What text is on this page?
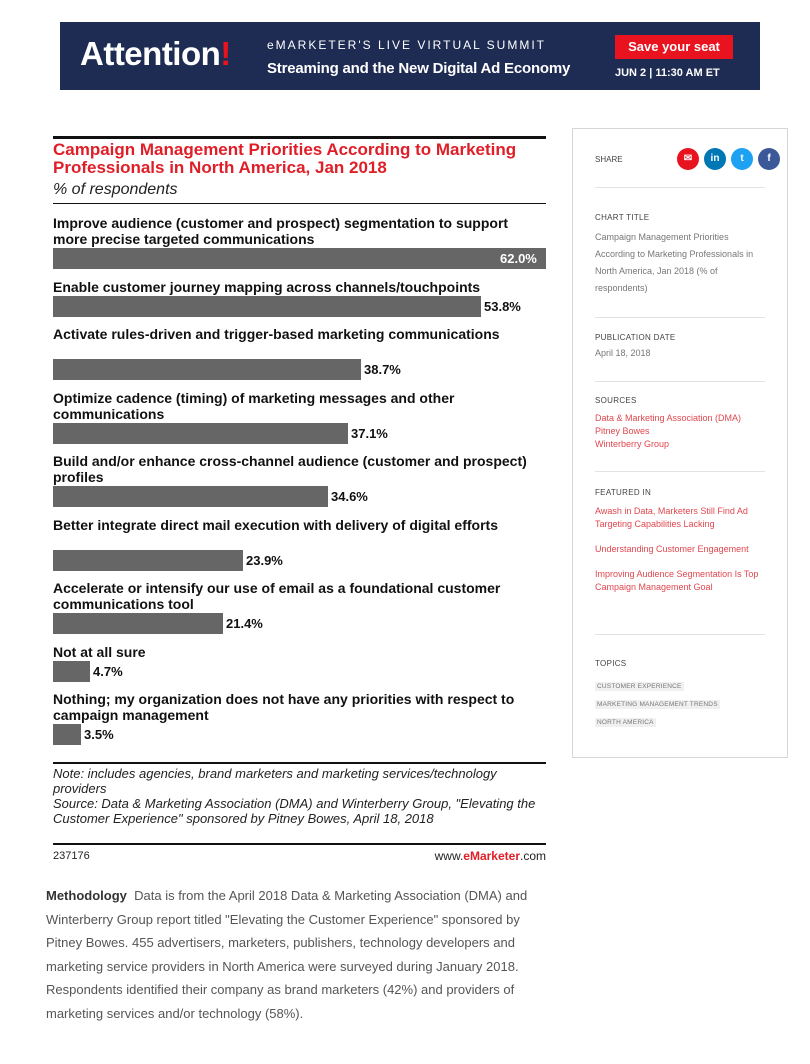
Attention!	eMARKETER'S LIVE VIRTUAL SUMMIT
Streaming and the New Digital Ad Economy
Save your seat
JUN 2 | 11:30 AM ET
Campaign Management Priorities According to Marketing Professionals in North America, Jan 2018
% of respondents
Improve audience (customer and prospect) segmentation to support more precise targeted communications
62.0%
Enable customer journey mapping across channels/touchpoints
53.8%
Activate rules-driven and trigger-based marketing communications
38.7%
Optimize cadence (timing) of marketing messages and other communications
37.1%
Build and/or enhance cross-channel audience (customer and prospect) profiles
34.6%
Better integrate direct mail execution with delivery of digital efforts
23.9%
Accelerate or intensify our use of email as a foundational customer communications tool
21.4%
Not at all sure
4.7%
Nothing; my organization does not have any priorities with respect to campaign management
3.5%
Note: includes agencies, brand marketers and marketing services/technology providers
Source: Data & Marketing Association (DMA) and Winterberry Group, "Elevating the Customer Experience" sponsored by Pitney Bowes, April 18, 2018
237176	www.eMarketer.com
Methodology Data is from the April 2018 Data & Marketing Association (DMA) and Winterberry Group report titled "Elevating the Customer Experience" sponsored by Pitney Bowes. 455 advertisers, marketers, publishers, technology developers and marketing service providers in North America were surveyed during January 2018. Respondents identified their company as brand marketers (42%) and providers of marketing services and/or technology (58%).
SHARE	✉	in	t	f
CHART TITLE
Campaign Management Priorities According to Marketing Professionals in North America, Jan 2018 (% of respondents)
PUBLICATION DATE
April 18, 2018
SOURCES
Data & Marketing Association (DMA)
Pitney Bowes
Winterberry Group
FEATURED IN
Awash in Data, Marketers Still Find Ad Targeting Capabilities Lacking
Understanding Customer Engagement
Improving Audience Segmentation Is Top Campaign Management Goal
TOPICS
CUSTOMER EXPERIENCE
MARKETING MANAGEMENT TRENDS
NORTH AMERICA
